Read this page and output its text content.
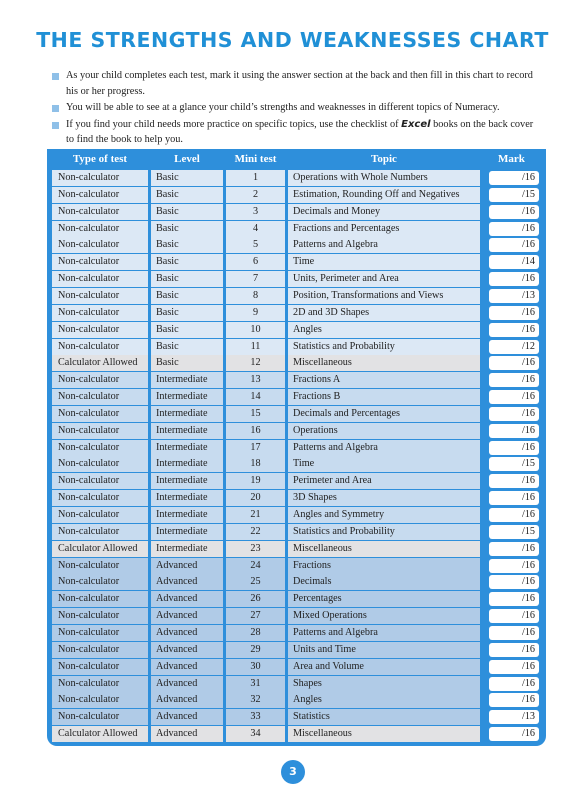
THE STRENGTHS AND WEAKNESSES CHART
As your child completes each test, mark it using the answer section at the back and then fill in this chart to record his or her progress.
You will be able to see at a glance your child’s strengths and weaknesses in different topics of Numeracy.
If you find your child needs more practice on specific topics, use the checklist of Excel books on the back cover to find the book to help you.
Type of test	Level	Mini test	Topic	Mark
Non-calculator	Basic	1	Operations with Whole Numbers	/16
Non-calculator	Basic	2	Estimation, Rounding Off and Negatives	/15
Non-calculator	Basic	3	Decimals and Money	/16
Non-calculator	Basic	4	Fractions and Percentages	/16
Non-calculator	Basic	5	Patterns and Algebra	/16
Non-calculator	Basic	6	Time	/14
Non-calculator	Basic	7	Units, Perimeter and Area	/16
Non-calculator	Basic	8	Position, Transformations and Views	/13
Non-calculator	Basic	9	2D and 3D Shapes	/16
Non-calculator	Basic	10	Angles	/16
Non-calculator	Basic	11	Statistics and Probability	/12
Calculator Allowed	Basic	12	Miscellaneous	/16
Non-calculator	Intermediate	13	Fractions A	/16
Non-calculator	Intermediate	14	Fractions B	/16
Non-calculator	Intermediate	15	Decimals and Percentages	/16
Non-calculator	Intermediate	16	Operations	/16
Non-calculator	Intermediate	17	Patterns and Algebra	/16
Non-calculator	Intermediate	18	Time	/15
Non-calculator	Intermediate	19	Perimeter and Area	/16
Non-calculator	Intermediate	20	3D Shapes	/16
Non-calculator	Intermediate	21	Angles and Symmetry	/16
Non-calculator	Intermediate	22	Statistics and Probability	/15
Calculator Allowed	Intermediate	23	Miscellaneous	/16
Non-calculator	Advanced	24	Fractions	/16
Non-calculator	Advanced	25	Decimals	/16
Non-calculator	Advanced	26	Percentages	/16
Non-calculator	Advanced	27	Mixed Operations	/16
Non-calculator	Advanced	28	Patterns and Algebra	/16
Non-calculator	Advanced	29	Units and Time	/16
Non-calculator	Advanced	30	Area and Volume	/16
Non-calculator	Advanced	31	Shapes	/16
Non-calculator	Advanced	32	Angles	/16
Non-calculator	Advanced	33	Statistics	/13
Calculator Allowed	Advanced	34	Miscellaneous	/16
3
